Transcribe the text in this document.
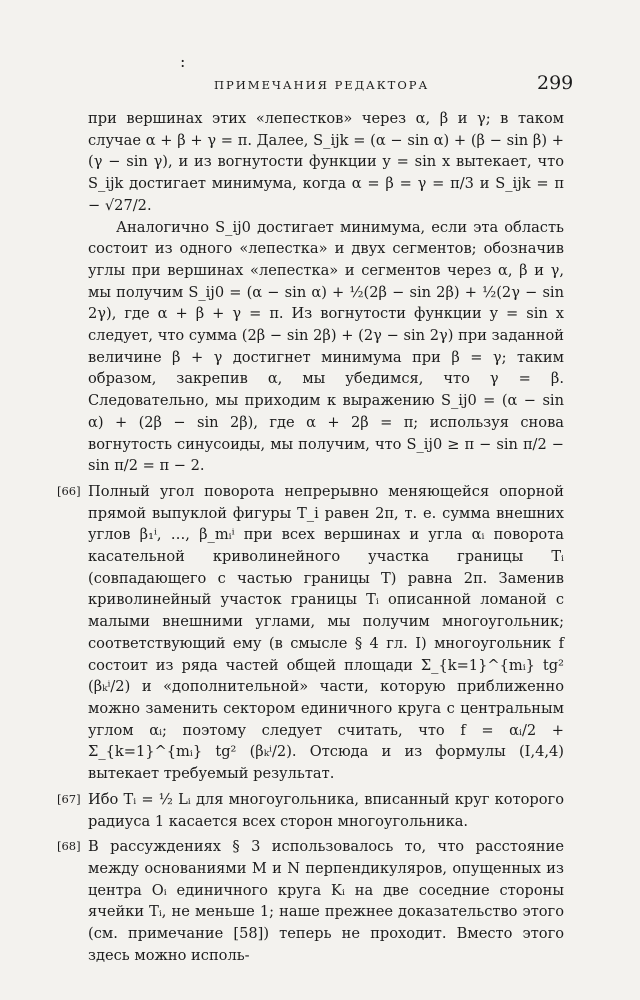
:
ПРИМЕЧАНИЯ РЕДАКТОРА	299

при вершинах этих «лепестков» через α, β и γ; в таком случае α + β + γ = π. Далее, S_ijk = (α − sin α) + (β − sin β) + (γ − sin γ), и из вогнутости функции y = sin x вытекает, что S_ijk достигает минимума, когда α = β = γ = π/3 и S_ijk = π − √27/2.

Аналогично S_ij0 достигает минимума, если эта область состоит из одного «лепестка» и двух сегментов; обозначив углы при вершинах «лепестка» и сегментов через α, β и γ, мы получим S_ij0 = (α − sin α) + ½(2β − sin 2β) + ½(2γ − sin 2γ), где α + β + γ = π. Из вогнутости функции y = sin x следует, что сумма (2β − sin 2β) + (2γ − sin 2γ) при заданной величине β + γ достигнет минимума при β = γ; таким образом, закрепив α, мы убедимся, что γ = β. Следовательно, мы приходим к выражению S_ij0 = (α − sin α) + (2β − sin 2β), где α + 2β = π; используя снова вогнутость синусоиды, мы получим, что S_ij0 ≥ π − sin π/2 − sin π/2 = π − 2.

[66] Полный угол поворота непрерывно меняющейся опорной прямой выпуклой фигуры T_i равен 2π, т. е. сумма внешних углов β₁ⁱ, …, β_mᵢⁱ при всех вершинах и угла αᵢ поворота касательной криволинейного участка границы Tᵢ (совпадающего с частью границы T) равна 2π. Заменив криволинейный участок границы Tᵢ описанной ломаной с малыми внешними углами, мы получим многоугольник; соответствующий ему (в смысле § 4 гл. I) многоугольник f состоит из ряда частей общей площади Σ_{k=1}^{mᵢ} tg² (βₖⁱ/2) и «дополнительной» части, которую приближенно можно заменить сектором единичного круга с центральным углом αᵢ; поэтому следует считать, что f = αᵢ/2 + Σ_{k=1}^{mᵢ} tg² (βₖⁱ/2). Отсюда и из формулы (I,4,4) вытекает требуемый результат.

[67] Ибо Tᵢ = ½ Lᵢ для многоугольника, вписанный круг которого радиуса 1 касается всех сторон многоугольника.

[68] В рассуждениях § 3 использовалось то, что расстояние между основаниями M и N перпендикуляров, опущенных из центра Oᵢ единичного круга Kᵢ на две соседние стороны ячейки Tᵢ, не меньше 1; наше прежнее доказательство этого (см. примечание [58]) теперь не проходит. Вместо этого здесь можно исполь-
